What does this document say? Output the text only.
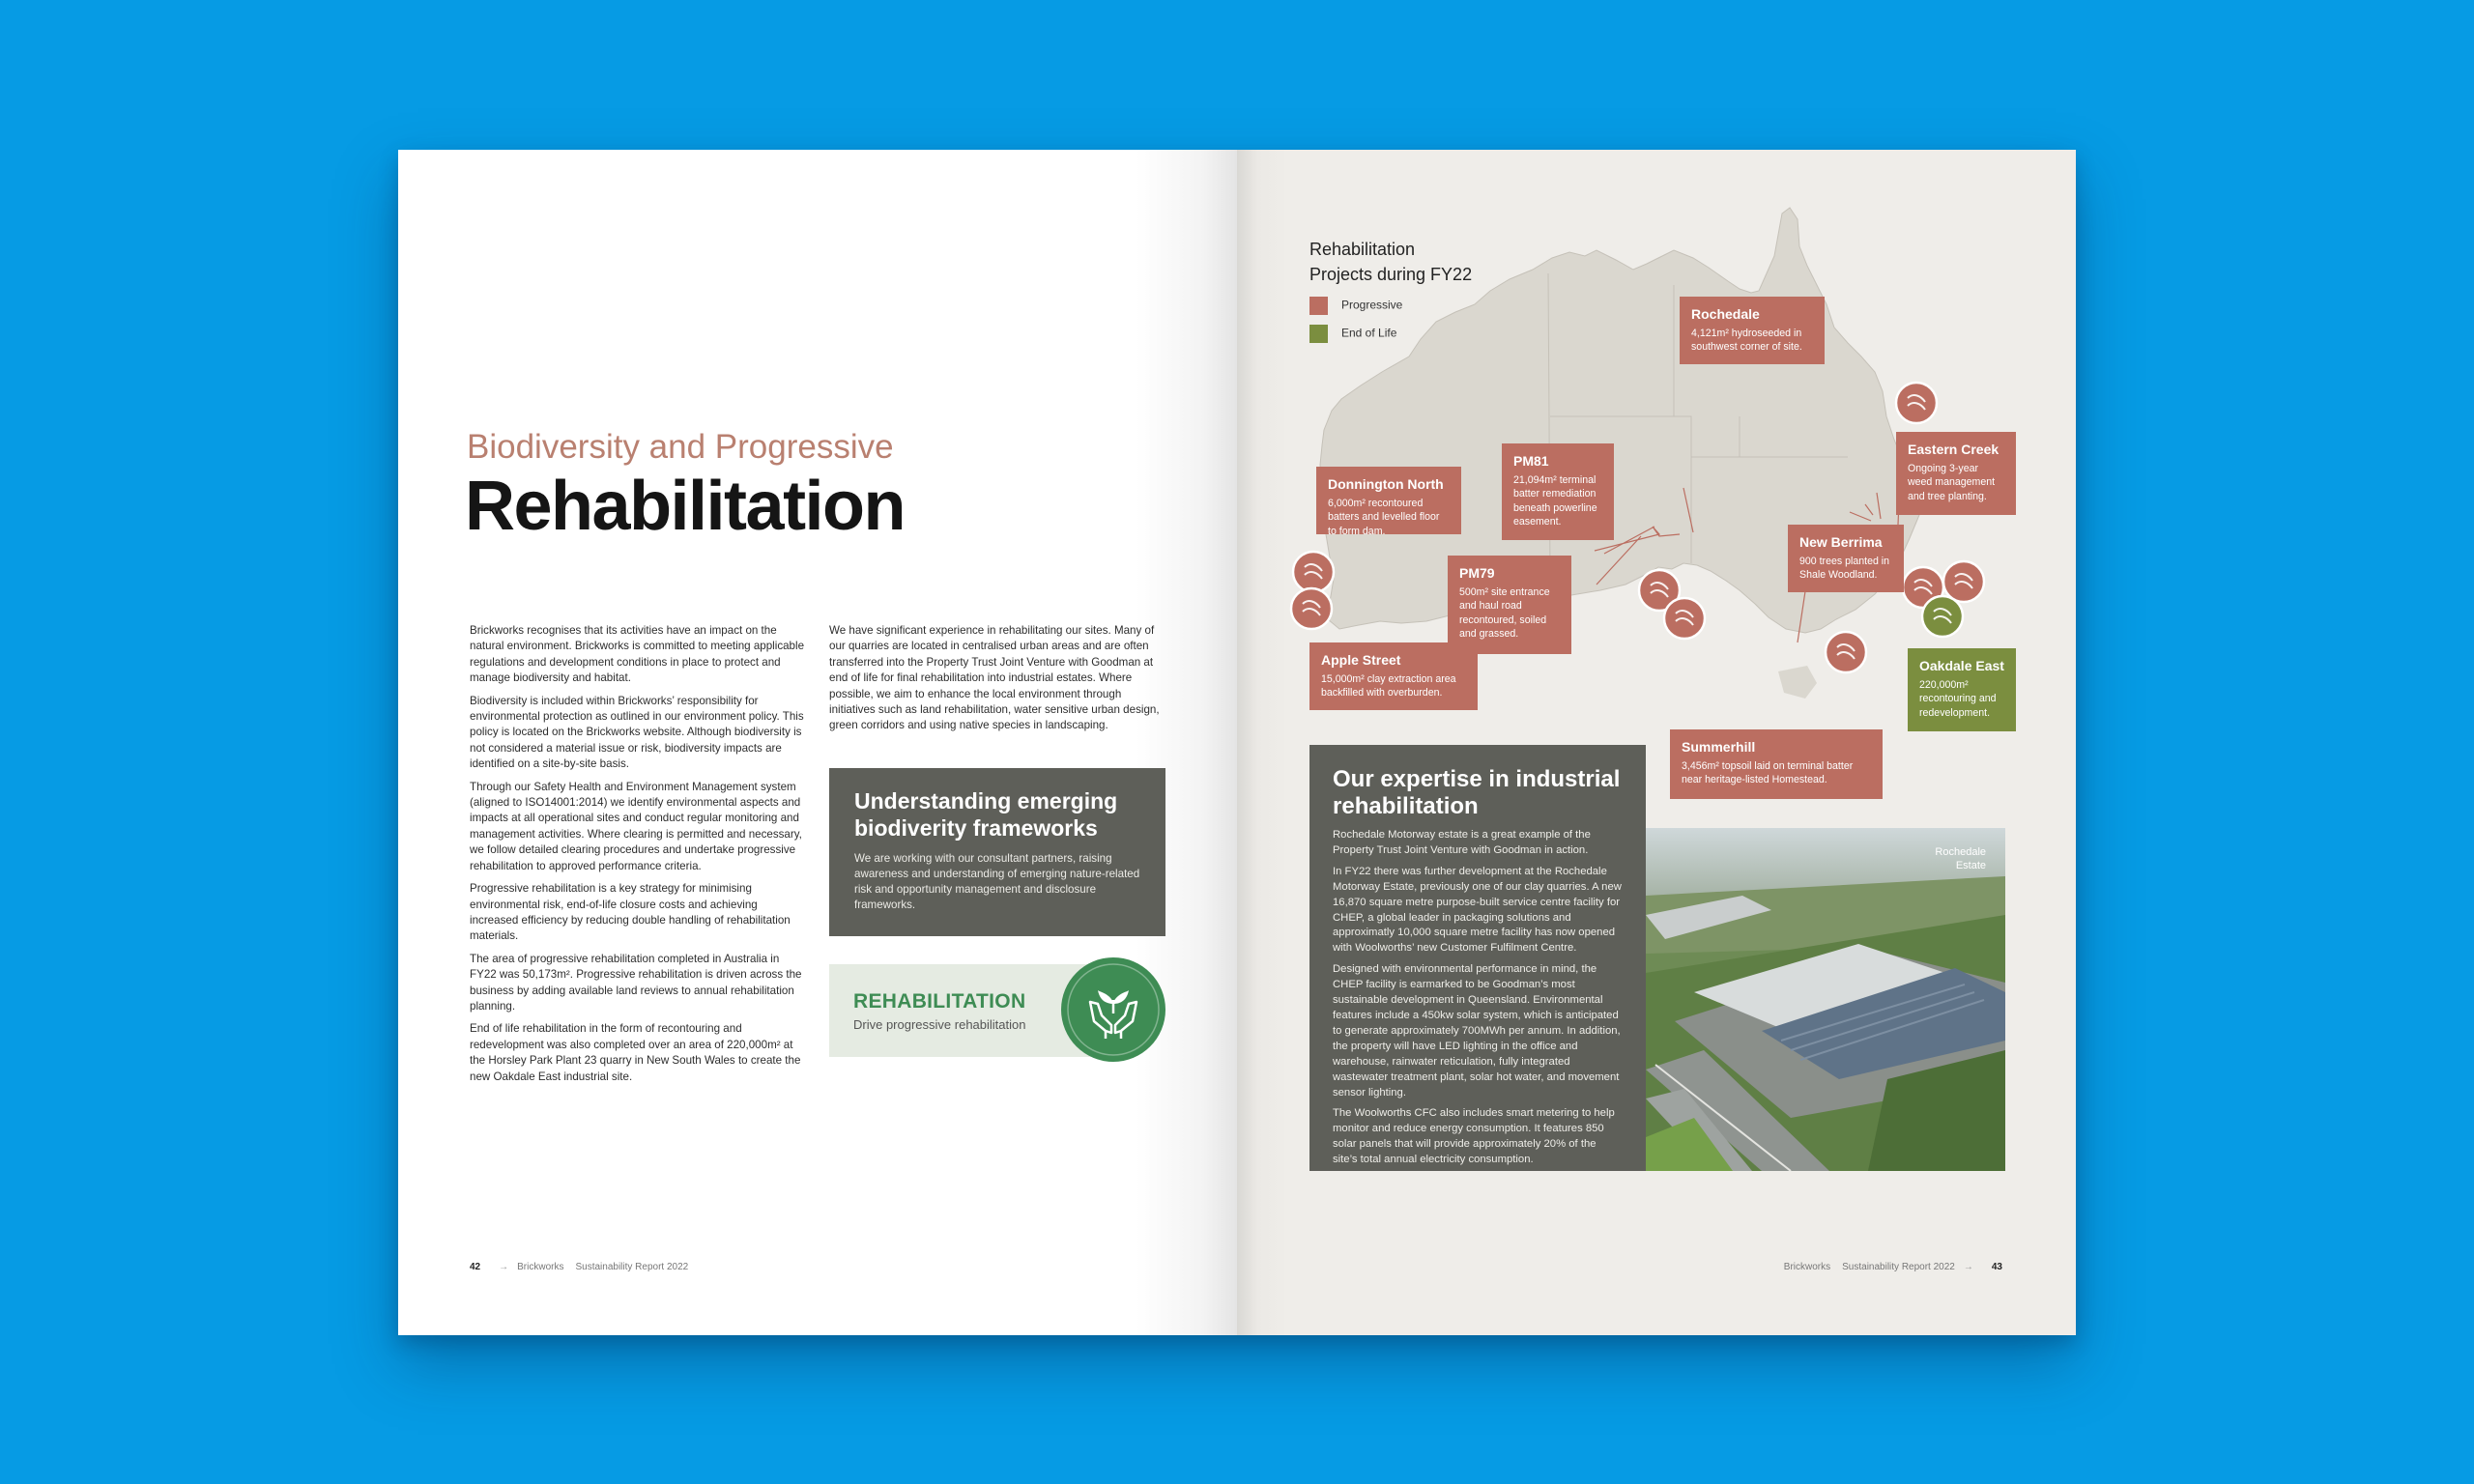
Biodiversity and Progressive
Rehabilitation

Brickworks recognises that its activities have an impact on the natural environment. Brickworks is committed to meeting applicable regulations and development conditions in place to protect and manage biodiversity and habitat.

Biodiversity is included within Brickworks’ responsibility for environmental protection as outlined in our environment policy. This policy is located on the Brickworks website. Although biodiversity is not considered a material issue or risk, biodiversity impacts are identified on a site-by-site basis.

Through our Safety Health and Environment Management system (aligned to ISO14001:2014) we identify environmental aspects and impacts at all operational sites and conduct regular monitoring and management activities. Where clearing is permitted and necessary, we follow detailed clearing procedures and undertake progressive rehabilitation to approved performance criteria.

Progressive rehabilitation is a key strategy for minimising environmental risk, end-of-life closure costs and achieving increased efficiency by reducing double handling of rehabilitation materials.

The area of progressive rehabilitation completed in Australia in FY22 was 50,173m². Progressive rehabilitation is driven across the business by adding available land reviews to annual rehabilitation planning.

End of life rehabilitation in the form of recontouring and redevelopment was also completed over an area of 220,000m² at the Horsley Park Plant 23 quarry in New South Wales to create the new Oakdale East industrial site.

We have significant experience in rehabilitating our sites. Many of our quarries are located in centralised urban areas and are often transferred into the Property Trust Joint Venture with Goodman at end of life for final rehabilitation into industrial estates. Where possible, we aim to enhance the local environment through initiatives such as land rehabilitation, water sensitive urban design, green corridors and using native species in landscaping.

Understanding emerging biodiverity frameworks

We are working with our consultant partners, raising awareness and understanding of emerging nature-related risk and opportunity management and disclosure frameworks.

REHABILITATION
Drive progressive rehabilitation
42 → Brickworks Sustainability Report 2022
Rehabilitation
Projects during FY22
Progressive
End of Life
Rochedale

4,121m² hydroseeded in southwest corner of site.

Donnington North

6,000m² recontoured batters and levelled floor to form dam.

PM81

21,094m² terminal batter remediation beneath powerline easement.

New Berrima

900 trees planted in Shale Woodland.

PM79

500m² site entrance and haul road recontoured, soiled and grassed.

Apple Street

15,000m² clay extraction area backfilled with overburden.

Eastern Creek

Ongoing 3-year weed management and tree planting.

Oakdale East

220,000m² recontouring and redevelopment.

Summerhill

3,456m² topsoil laid on terminal batter near heritage-listed Homestead.

Our expertise in industrial rehabilitation

Rochedale Motorway estate is a great example of the Property Trust Joint Venture with Goodman in action.

In FY22 there was further development at the Rochedale Motorway Estate, previously one of our clay quarries. A new 16,870 square metre purpose-built service centre facility for CHEP, a global leader in packaging solutions and approximatly 10,000 square metre facility has now opened with Woolworths’ new Customer Fulfilment Centre.

Designed with environmental performance in mind, the CHEP facility is earmarked to be Goodman’s most sustainable development in Queensland. Environmental features include a 450kw solar system, which is anticipated to generate approximately 700MWh per annum. In addition, the property will have LED lighting in the office and warehouse, rainwater reticulation, fully integrated wastewater treatment plant, solar hot water, and movement sensor lighting.

The Woolworths CFC also includes smart metering to help monitor and reduce energy consumption. It features 850 solar panels that will provide approximately 20% of the site’s total annual electricity consumption.

Rochedale Estate
Brickworks Sustainability Report 2022 → 43
